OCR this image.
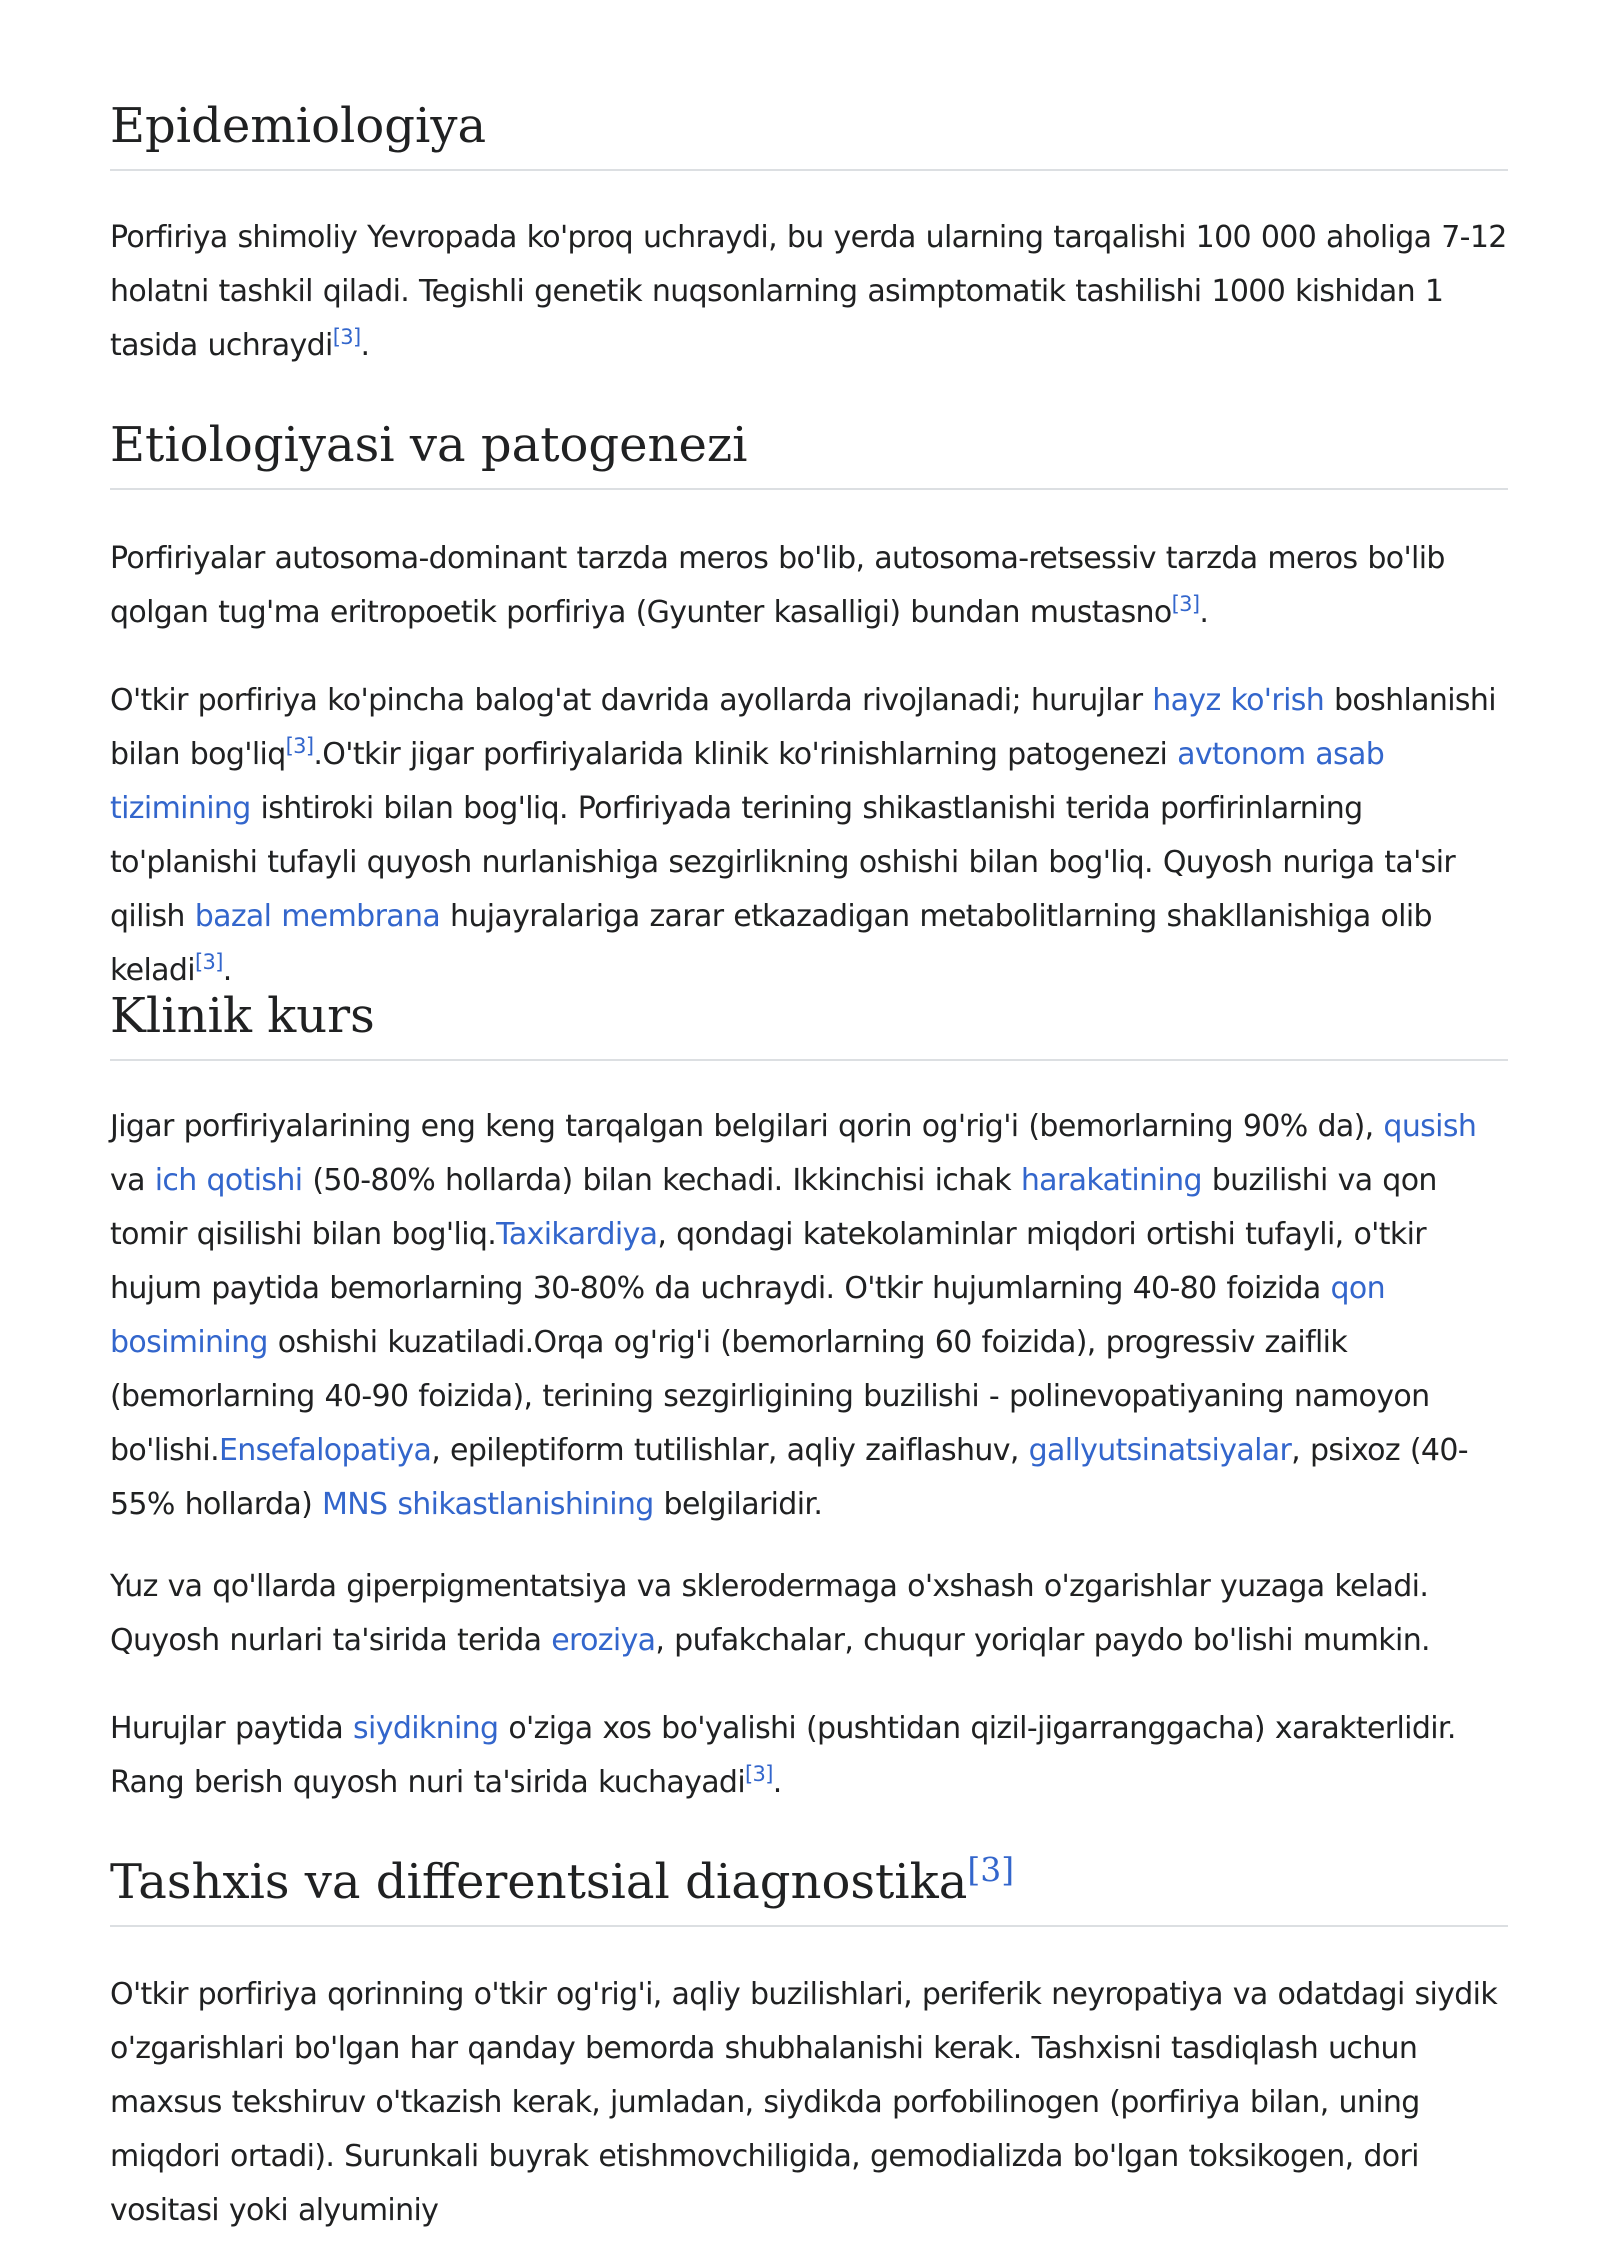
Epidemiologiya

Porfiriya shimoliy Yevropada ko'proq uchraydi, bu yerda ularning tarqalishi 100 000 aholiga 7-12 holatni tashkil qiladi. Tegishli genetik nuqsonlarning asimptomatik tashilishi 1000 kishidan 1 tasida uchraydi[3].

Etiologiyasi va patogenezi

Porfiriyalar autosoma-dominant tarzda meros bo'lib, autosoma-retsessiv tarzda meros bo'lib qolgan tug'ma eritropoetik porfiriya (Gyunter kasalligi) bundan mustasno[3].

O'tkir porfiriya ko'pincha balog'at davrida ayollarda rivojlanadi; hurujlar hayz ko'rish boshlanishi bilan bog'liq[3].O'tkir jigar porfiriyalarida klinik ko'rinishlarning patogenezi avtonom asab tizimining ishtiroki bilan bog'liq. Porfiriyada terining shikastlanishi terida porfirinlarning to'planishi tufayli quyosh nurlanishiga sezgirlikning oshishi bilan bog'liq. Quyosh nuriga ta'sir qilish bazal membrana hujayralariga zarar etkazadigan metabolitlarning shakllanishiga olib keladi[3].

Klinik kurs

Jigar porfiriyalarining eng keng tarqalgan belgilari qorin og'rig'i (bemorlarning 90% da), qusish va ich qotishi (50-80% hollarda) bilan kechadi. Ikkinchisi ichak harakatining buzilishi va qon tomir qisilishi bilan bog'liq.Taxikardiya, qondagi katekolaminlar miqdori ortishi tufayli, o'tkir hujum paytida bemorlarning 30-80% da uchraydi. O'tkir hujumlarning 40-80 foizida qon bosimining oshishi kuzatiladi.Orqa og'rig'i (bemorlarning 60 foizida), progressiv zaiflik (bemorlarning 40-90 foizida), terining sezgirligining buzilishi - polinevopatiyaning namoyon bo'lishi.Ensefalopatiya, epileptiform tutilishlar, aqliy zaiflashuv, gallyutsinatsiyalar, psixoz (40-55% hollarda) MNS shikastlanishining belgilaridir.

Yuz va qo'llarda giperpigmentatsiya va sklerodermaga o'xshash o'zgarishlar yuzaga keladi. Quyosh nurlari ta'sirida terida eroziya, pufakchalar, chuqur yoriqlar paydo bo'lishi mumkin.

Hurujlar paytida siydikning o'ziga xos bo'yalishi (pushtidan qizil-jigarranggacha) xarakterlidir. Rang berish quyosh nuri ta'sirida kuchayadi[3].

Tashxis va differentsial diagnostika[3]

O'tkir porfiriya qorinning o'tkir og'rig'i, aqliy buzilishlari, periferik neyropatiya va odatdagi siydik o'zgarishlari bo'lgan har qanday bemorda shubhalanishi kerak. Tashxisni tasdiqlash uchun maxsus tekshiruv o'tkazish kerak, jumladan, siydikda porfobilinogen (porfiriya bilan, uning miqdori ortadi). Surunkali buyrak etishmovchiligida, gemodializda bo'lgan toksikogen, dori vositasi yoki alyuminiy
